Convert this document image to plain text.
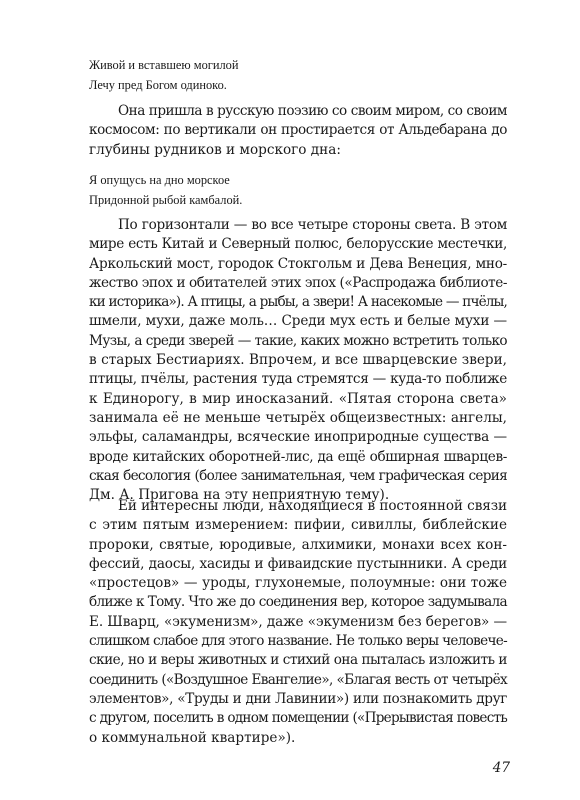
Живой и вставшею могилой
Лечу пред Богом одиноко.
Она пришла в русскую поэзию со своим миром, со своим
космосом: по вертикали он простирается от Альдебарана до
глубины рудников и морского дна:
Я опущусь на дно морское
Придонной рыбой камбалой.
По горизонтали — во все четыре стороны света. В этом
мире есть Китай и Северный полюс, белорусские местечки,
Аркольский мост, городок Стокгольм и Дева Венеция, мно-
жество эпох и обитателей этих эпох («Распродажа библиоте-
ки историка»). А птицы, а рыбы, а звери! А насекомые — пчёлы,
шмели, мухи, даже моль… Среди мух есть и белые мухи —
Музы, а среди зверей — такие, каких можно встретить только
в старых Бестиариях. Впрочем, и все шварцевские звери,
птицы, пчёлы, растения туда стремятся — куда-то поближе
к Единорогу, в мир иносказаний. «Пятая сторона света»
занимала её не меньше четырёх общеизвестных: ангелы,
эльфы, саламандры, всяческие иноприродные существа —
вроде китайских оборотней-лис, да ещё обширная шварцев-
ская бесология (более занимательная, чем графическая серия
Дм. А. Пригова на эту неприятную тему).
Ей интересны люди, находящиеся в постоянной связи
с этим пятым измерением: пифии, сивиллы, библейские
пророки, святые, юродивые, алхимики, монахи всех кон-
фессий, даосы, хасиды и фиваидские пустынники. А среди
«простецов» — уроды, глухонемые, полоумные: они тоже
ближе к Тому. Что же до соединения вер, которое задумывала
Е. Шварц, «экуменизм», даже «экуменизм без берегов» —
слишком слабое для этого название. Не только веры человече-
ские, но и веры животных и стихий она пыталась изложить и
соединить («Воздушное Евангелие», «Благая весть от четырёх
элементов», «Труды и дни Лавинии») или познакомить друг
с другом, поселить в одном помещении («Прерывистая повесть
о коммунальной квартире»).
47
